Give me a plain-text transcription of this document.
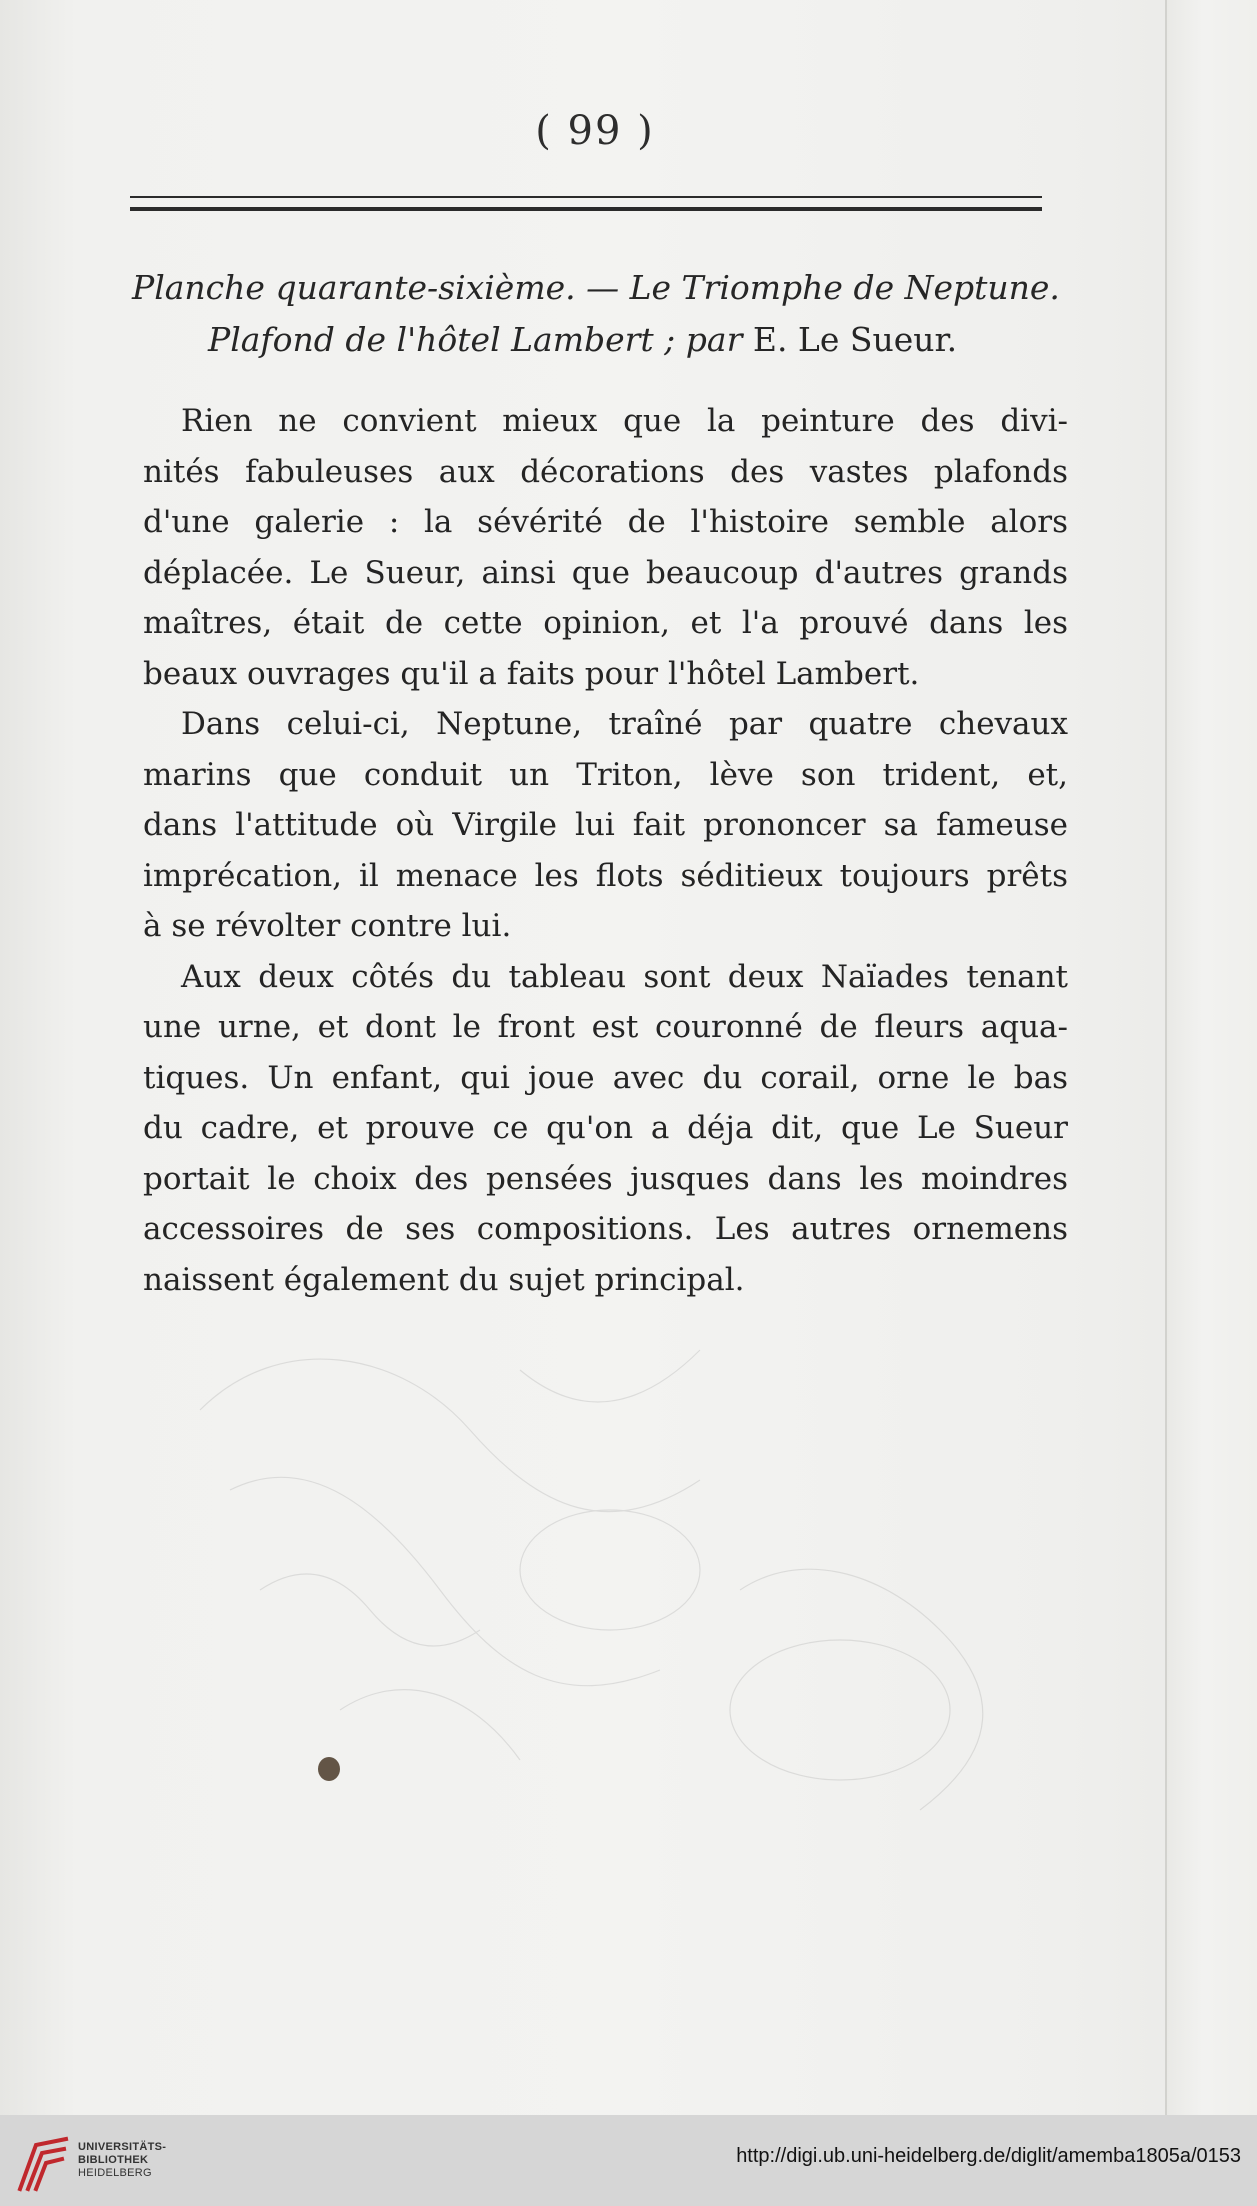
( 99 )
Planche quarante-sixième. — Le Triomphe de Neptune.
Plafond de l'hôtel Lambert ; par E. Le Sueur.

Rien ne convient mieux que la peinture des divi-
nités fabuleuses aux décorations des vastes plafonds
d'une galerie : la sévérité de l'histoire semble alors
déplacée. Le Sueur, ainsi que beaucoup d'autres grands
maîtres, était de cette opinion, et l'a prouvé dans les
beaux ouvrages qu'il a faits pour l'hôtel Lambert.

Dans celui-ci, Neptune, traîné par quatre chevaux
marins que conduit un Triton, lève son trident, et,
dans l'attitude où Virgile lui fait prononcer sa fameuse
imprécation, il menace les flots séditieux toujours prêts
à se révolter contre lui.

Aux deux côtés du tableau sont deux Naïades tenant
une urne, et dont le front est couronné de fleurs aqua-
tiques. Un enfant, qui joue avec du corail, orne le bas
du cadre, et prouve ce qu'on a déja dit, que Le Sueur
portait le choix des pensées jusques dans les moindres
accessoires de ses compositions. Les autres ornemens
naissent également du sujet principal.

UNIVERSITÄTS-
BIBLIOTHEK
HEIDELBERG
http://digi.ub.uni-heidelberg.de/diglit/amemba1805a/0153
